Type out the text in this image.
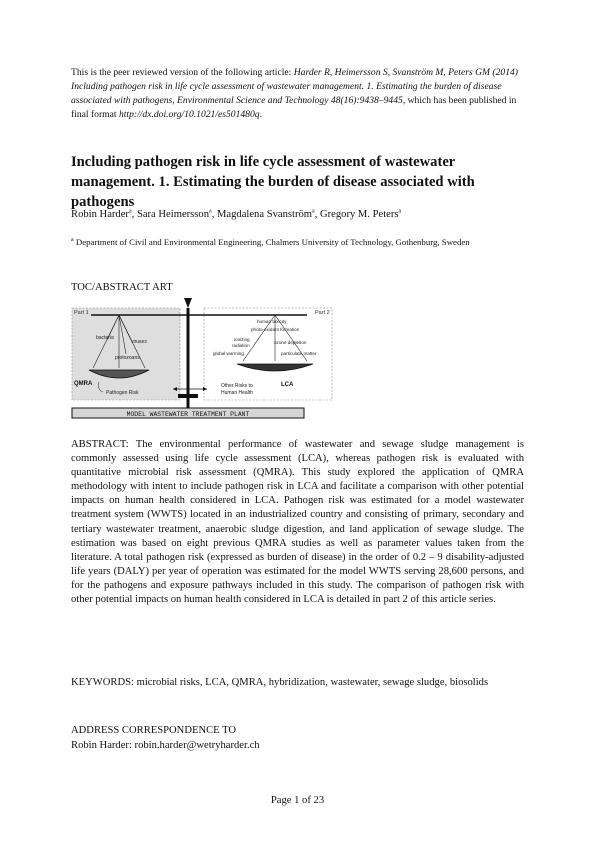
This is the peer reviewed version of the following article: Harder R, Heimersson S, Svanström M, Peters GM (2014) Including pathogen risk in life cycle assessment of wastewater management. 1. Estimating the burden of disease associated with pathogens, Environmental Science and Technology 48(16):9438–9445, which has been published in final format http://dx.doi.org/10.1021/es501480q.
Including pathogen risk in life cycle assessment of wastewater management. 1. Estimating the burden of disease associated with pathogens
Robin Harder$^a$, Sara Heimersson$^a$, Magdalena Svanström$^a$, Gregory M. Peters$^a$
$^a$ Department of Civil and Environmental Engineering, Chalmers University of Technology, Gothenburg, Sweden
TOC/ABSTRACT ART
Part 1	Part 2
bacteria
viruses
protozoans
QMRA
Pathogen Risk
human toxicity
photo-oxidant formation
ionizing
radiation
ozone depletion
global warming	particulate matter
LCA
Other Risks to
Human Health
MODEL WASTEWATER TREATMENT PLANT
ABSTRACT: The environmental performance of wastewater and sewage sludge management is commonly assessed using life cycle assessment (LCA), whereas pathogen risk is evaluated with quantitative microbial risk assessment (QMRA). This study explored the application of QMRA methodology with intent to include pathogen risk in LCA and facilitate a comparison with other potential impacts on human health considered in LCA. Pathogen risk was estimated for a model wastewater treatment system (WWTS) located in an industrialized country and consisting of primary, secondary and tertiary wastewater treatment, anaerobic sludge digestion, and land application of sewage sludge. The estimation was based on eight previous QMRA studies as well as parameter values taken from the literature. A total pathogen risk (expressed as burden of disease) in the order of 0.2 – 9 disability-adjusted life years (DALY) per year of operation was estimated for the model WWTS serving 28,600 persons, and for the pathogens and exposure pathways included in this study. The comparison of pathogen risk with other potential impacts on human health considered in LCA is detailed in part 2 of this article series.
KEYWORDS: microbial risks, LCA, QMRA, hybridization, wastewater, sewage sludge, biosolids
ADDRESS CORRESPONDENCE TO
Robin Harder: robin.harder@wetryharder.ch
Page 1 of 23
